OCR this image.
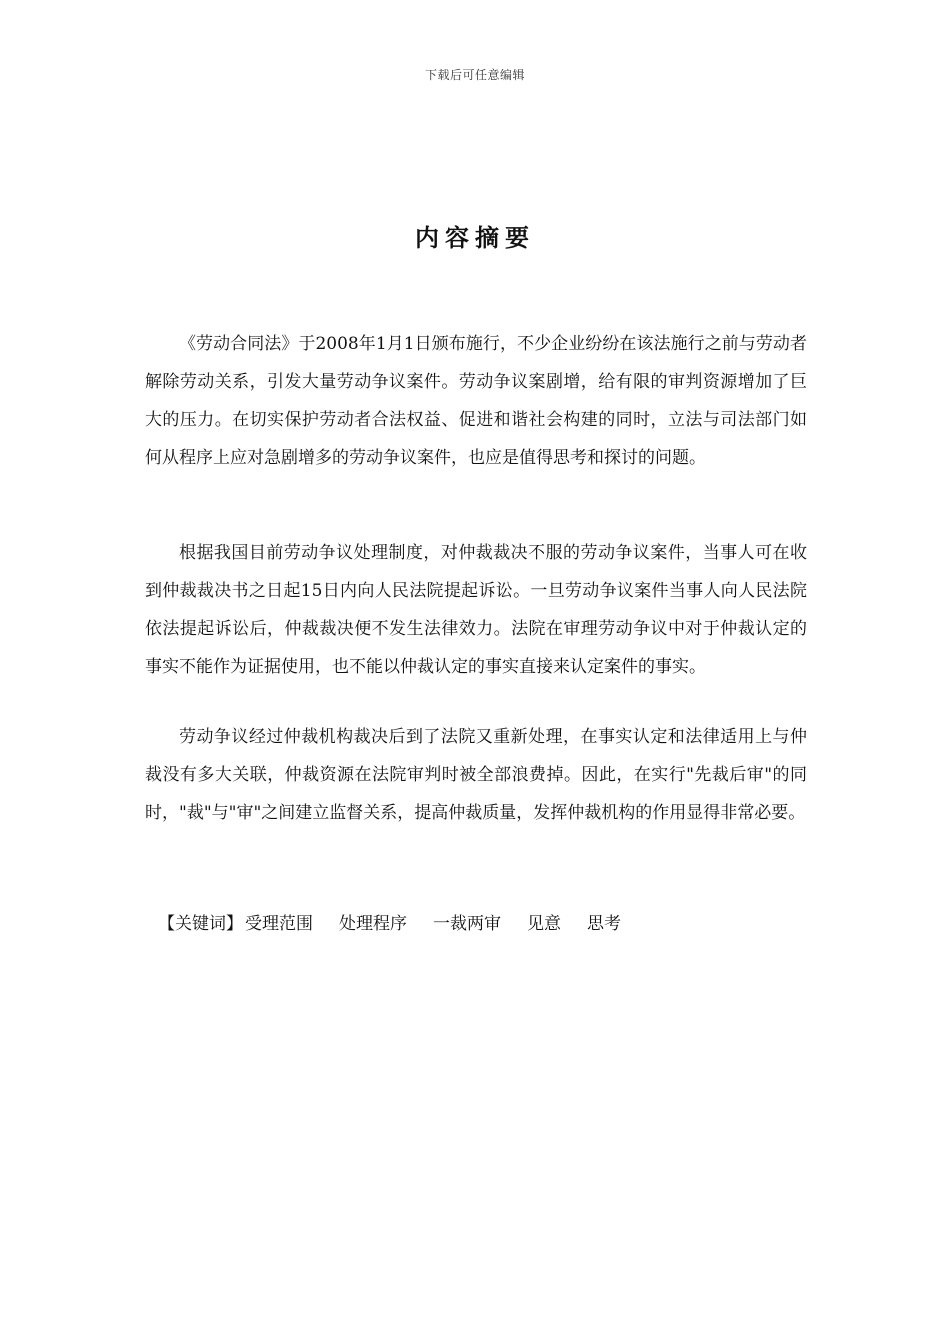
下载后可任意编辑
内容摘要

《劳动合同法》于2008年1月1日颁布施行，不少企业纷纷在该法施行之前与劳动者解除劳动关系，引发大量劳动争议案件。劳动争议案剧增，给有限的审判资源增加了巨大的压力。在切实保护劳动者合法权益、促进和谐社会构建的同时，立法与司法部门如何从程序上应对急剧增多的劳动争议案件，也应是值得思考和探讨的问题。

根据我国目前劳动争议处理制度，对仲裁裁决不服的劳动争议案件，当事人可在收到仲裁裁决书之日起15日内向人民法院提起诉讼。一旦劳动争议案件当事人向人民法院依法提起诉讼后，仲裁裁决便不发生法律效力。法院在审理劳动争议中对于仲裁认定的事实不能作为证据使用，也不能以仲裁认定的事实直接来认定案件的事实。

劳动争议经过仲裁机构裁决后到了法院又重新处理，在事实认定和法律适用上与仲裁没有多大关联，仲裁资源在法院审判时被全部浪费掉。因此，在实行"先裁后审"的同时，"裁"与"审"之间建立监督关系，提高仲裁质量，发挥仲裁机构的作用显得非常必要。

【关键词】 受理范围 处理程序 一裁两审 见意 思考
